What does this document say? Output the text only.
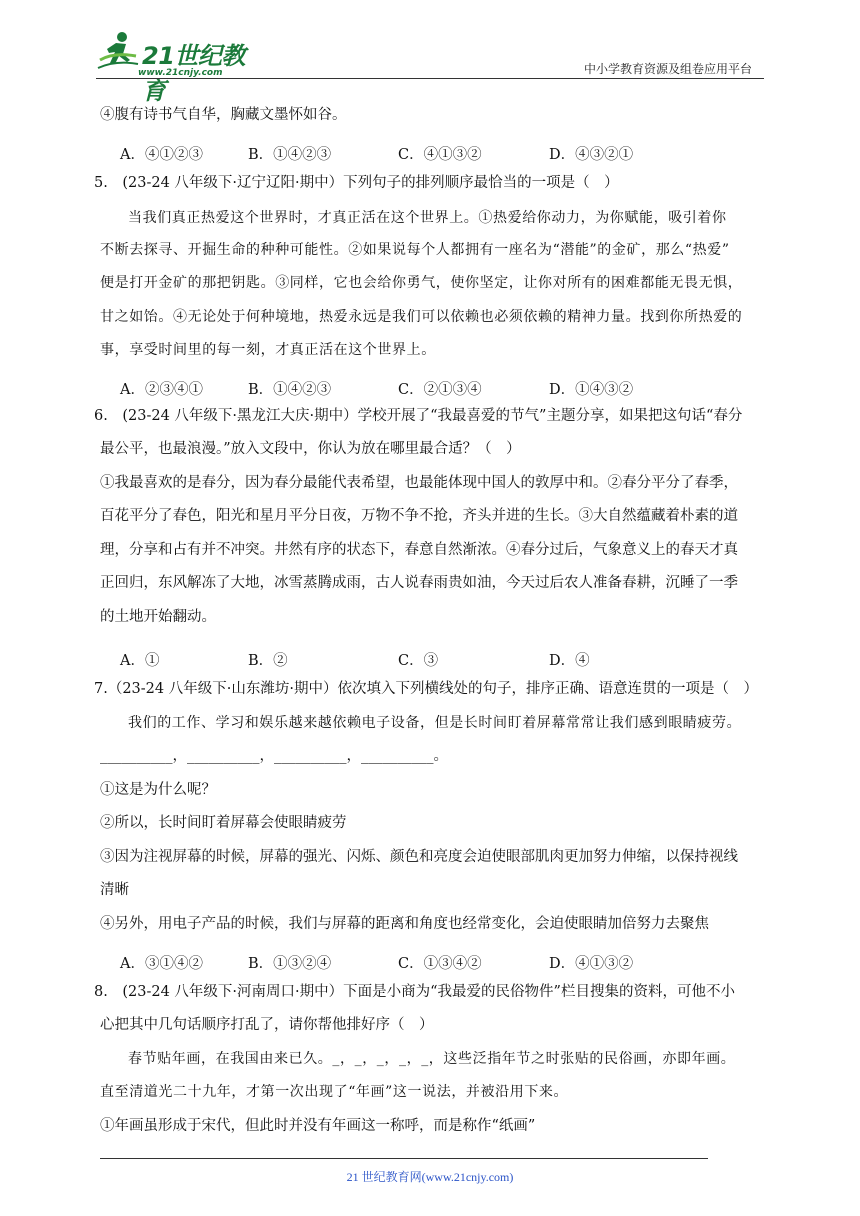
21世纪教育
www.21cnjy.com	中小学教育资源及组卷应用平台
④腹有诗书气自华，胸藏文墨怀如谷。
A．④①②③	B．①④②③	C．④①③②	D．④③②①
5.　(23-24 八年级下·辽宁辽阳·期中）下列句子的排列顺序最恰当的一项是（　）
当我们真正热爱这个世界时，才真正活在这个世界上。①热爱给你动力，为你赋能，吸引着你
不断去探寻、开掘生命的种种可能性。②如果说每个人都拥有一座名为“潜能”的金矿，那么“热爱”
便是打开金矿的那把钥匙。③同样，它也会给你勇气，使你坚定，让你对所有的困难都能无畏无惧，
甘之如饴。④无论处于何种境地，热爱永远是我们可以依赖也必须依赖的精神力量。找到你所热爱的
事，享受时间里的每一刻，才真正活在这个世界上。
A．②③④①	B．①④②③	C．②①③④	D．①④③②
6.　(23-24 八年级下·黑龙江大庆·期中）学校开展了“我最喜爱的节气”主题分享，如果把这句话“春分
最公平，也最浪漫。”放入文段中，你认为放在哪里最合适？（　）
①我最喜欢的是春分，因为春分最能代表希望，也最能体现中国人的敦厚中和。②春分平分了春季，
百花平分了春色，阳光和星月平分日夜，万物不争不抢，齐头并进的生长。③大自然蕴藏着朴素的道
理，分享和占有并不冲突。井然有序的状态下，春意自然渐浓。④春分过后，气象意义上的春天才真
正回归，东风解冻了大地，冰雪蒸腾成雨，古人说春雨贵如油，今天过后农人准备春耕，沉睡了一季
的土地开始翻动。
A．①	B．②	C．③	D．④
7.（23-24 八年级下·山东潍坊·期中）依次填入下列横线处的句子，排序正确、语意连贯的一项是（　）
我们的工作、学习和娱乐越来越依赖电子设备，但是长时间盯着屏幕常常让我们感到眼睛疲劳。
__________，__________，__________，__________。
①这是为什么呢？
②所以，长时间盯着屏幕会使眼睛疲劳
③因为注视屏幕的时候，屏幕的强光、闪烁、颜色和亮度会迫使眼部肌肉更加努力伸缩，以保持视线
清晰
④另外，用电子产品的时候，我们与屏幕的距离和角度也经常变化，会迫使眼睛加倍努力去聚焦
A．③①④②	B．①③②④	C．①③④②	D．④①③②
8.　(23-24 八年级下·河南周口·期中）下面是小商为“我最爱的民俗物件”栏目搜集的资料，可他不小
心把其中几句话顺序打乱了，请你帮他排好序（　）
春节贴年画，在我国由来已久。_，_，_，_，_，这些泛指年节之时张贴的民俗画，亦即年画。
直至清道光二十九年，才第一次出现了“年画”这一说法，并被沿用下来。
①年画虽形成于宋代，但此时并没有年画这一称呼，而是称作“纸画”
21 世纪教育网(www.21cnjy.com)
